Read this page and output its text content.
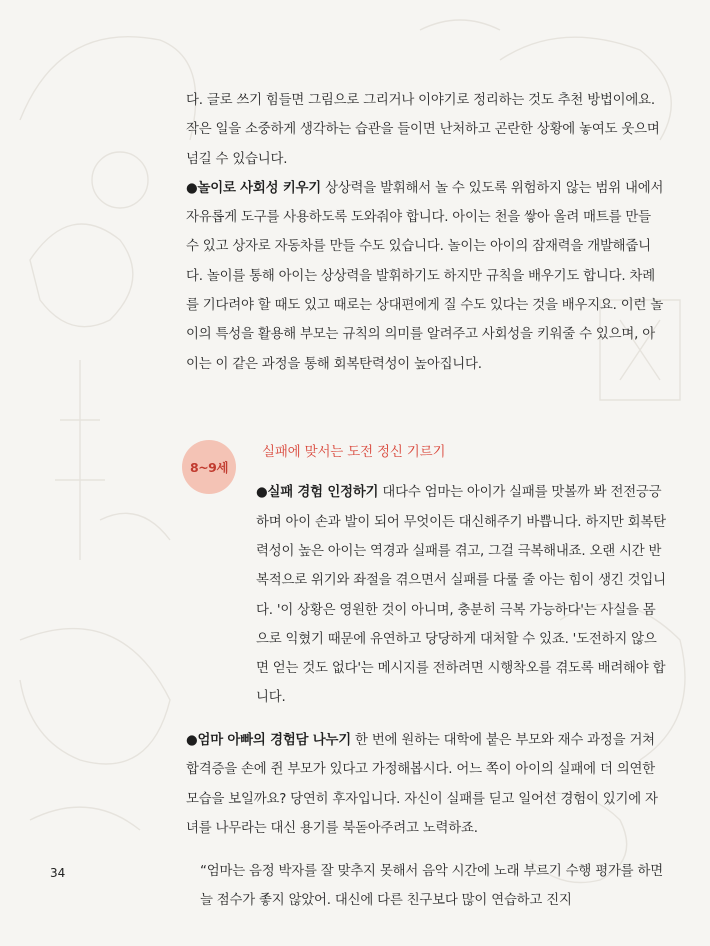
다. 글로 쓰기 힘들면 그림으로 그리거나 이야기로 정리하는 것도 추천 방법이에요. 작은 일을 소중하게 생각하는 습관을 들이면 난처하고 곤란한 상황에 놓여도 웃으며 넘길 수 있습니다.

●놀이로 사회성 키우기 상상력을 발휘해서 놀 수 있도록 위험하지 않는 범위 내에서 자유롭게 도구를 사용하도록 도와줘야 합니다. 아이는 천을 쌓아 올려 매트를 만들 수 있고 상자로 자동차를 만들 수도 있습니다. 놀이는 아이의 잠재력을 개발해줍니다. 놀이를 통해 아이는 상상력을 발휘하기도 하지만 규칙을 배우기도 합니다. 차례를 기다려야 할 때도 있고 때로는 상대편에게 질 수도 있다는 것을 배우지요. 이런 놀이의 특성을 활용해 부모는 규칙의 의미를 알려주고 사회성을 키워줄 수 있으며, 아이는 이 같은 과정을 통해 회복탄력성이 높아집니다.

8~9세
실패에 맞서는 도전 정신 기르기

●실패 경험 인정하기 대다수 엄마는 아이가 실패를 맛볼까 봐 전전긍긍하며 아이 손과 발이 되어 무엇이든 대신해주기 바쁩니다. 하지만 회복탄력성이 높은 아이는 역경과 실패를 겪고, 그걸 극복해내죠. 오랜 시간 반복적으로 위기와 좌절을 겪으면서 실패를 다룰 줄 아는 힘이 생긴 것입니다. '이 상황은 영원한 것이 아니며, 충분히 극복 가능하다'는 사실을 몸으로 익혔기 때문에 유연하고 당당하게 대처할 수 있죠. '도전하지 않으면 얻는 것도 없다'는 메시지를 전하려면 시행착오를 겪도록 배려해야 합니다.

●엄마 아빠의 경험담 나누기 한 번에 원하는 대학에 붙은 부모와 재수 과정을 거쳐 합격증을 손에 쥔 부모가 있다고 가정해봅시다. 어느 쪽이 아이의 실패에 더 의연한 모습을 보일까요? 당연히 후자입니다. 자신이 실패를 딛고 일어선 경험이 있기에 자녀를 나무라는 대신 용기를 북돋아주려고 노력하죠.

“엄마는 음정 박자를 잘 맞추지 못해서 음악 시간에 노래 부르기 수행 평가를 하면 늘 점수가 좋지 않았어. 대신에 다른 친구보다 많이 연습하고 진지

34
